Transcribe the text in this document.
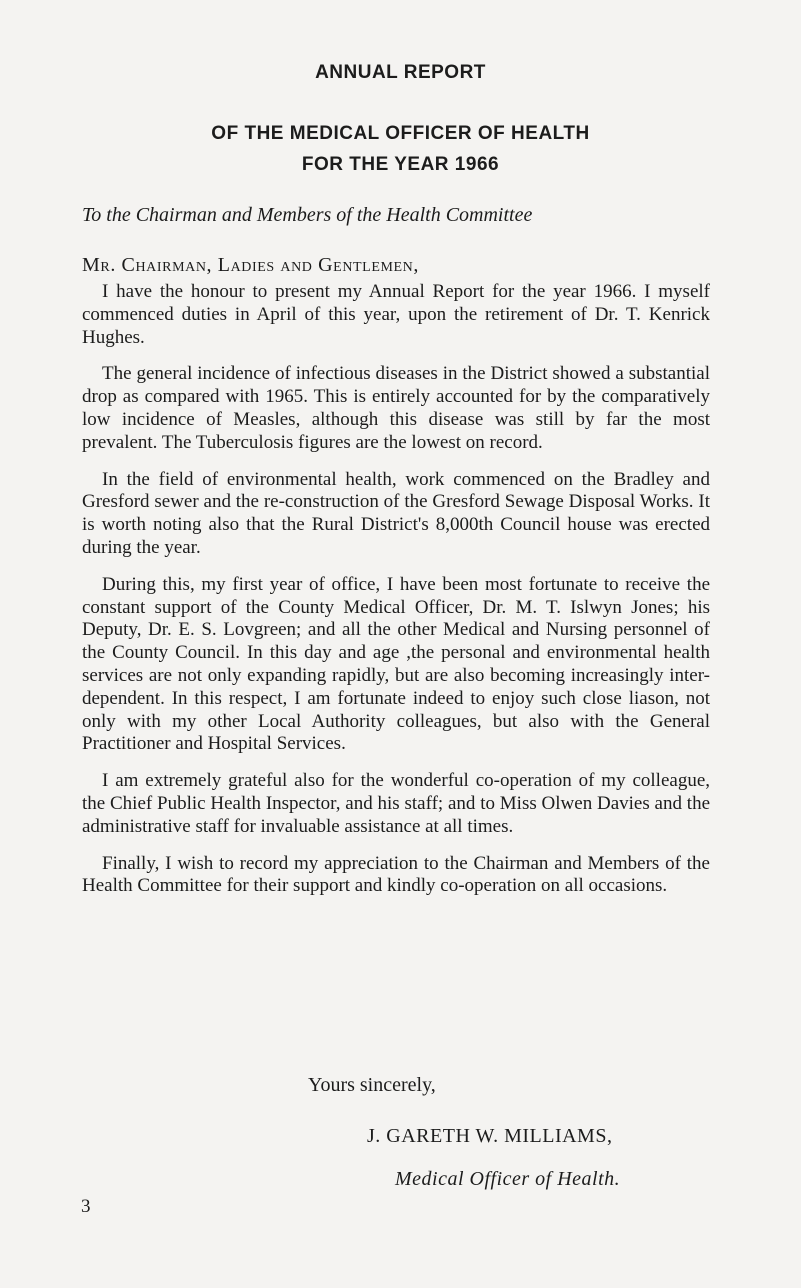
ANNUAL REPORT
OF THE MEDICAL OFFICER OF HEALTH
FOR THE YEAR 1966

To the Chairman and Members of the Health Committee

Mr. Chairman, Ladies and Gentlemen,

I have the honour to present my Annual Report for the year 1966. I myself commenced duties in April of this year, upon the retirement of Dr. T. Kenrick Hughes.

The general incidence of infectious diseases in the District showed a substantial drop as compared with 1965. This is entirely accounted for by the comparatively low incidence of Measles, although this disease was still by far the most prevalent. The Tuberculosis figures are the lowest on record.

In the field of environmental health, work commenced on the Bradley and Gresford sewer and the re-construction of the Gresford Sewage Disposal Works. It is worth noting also that the Rural District's 8,000th Council house was erected during the year.

During this, my first year of office, I have been most fortunate to receive the constant support of the County Medical Officer, Dr. M. T. Islwyn Jones; his Deputy, Dr. E. S. Lovgreen; and all the other Medical and Nursing personnel of the County Council. In this day and age ,the personal and environmental health services are not only expanding rapidly, but are also becoming increasingly inter-dependent. In this respect, I am fortunate indeed to enjoy such close liason, not only with my other Local Authority colleagues, but also with the General Practitioner and Hospital Services.

I am extremely grateful also for the wonderful co-operation of my colleague, the Chief Public Health Inspector, and his staff; and to Miss Olwen Davies and the administrative staff for invaluable assistance at all times.

Finally, I wish to record my appreciation to the Chairman and Members of the Health Committee for their support and kindly co-operation on all occasions.

Yours sincerely,

J. GARETH W. MILLIAMS,

Medical Officer of Health.

3
